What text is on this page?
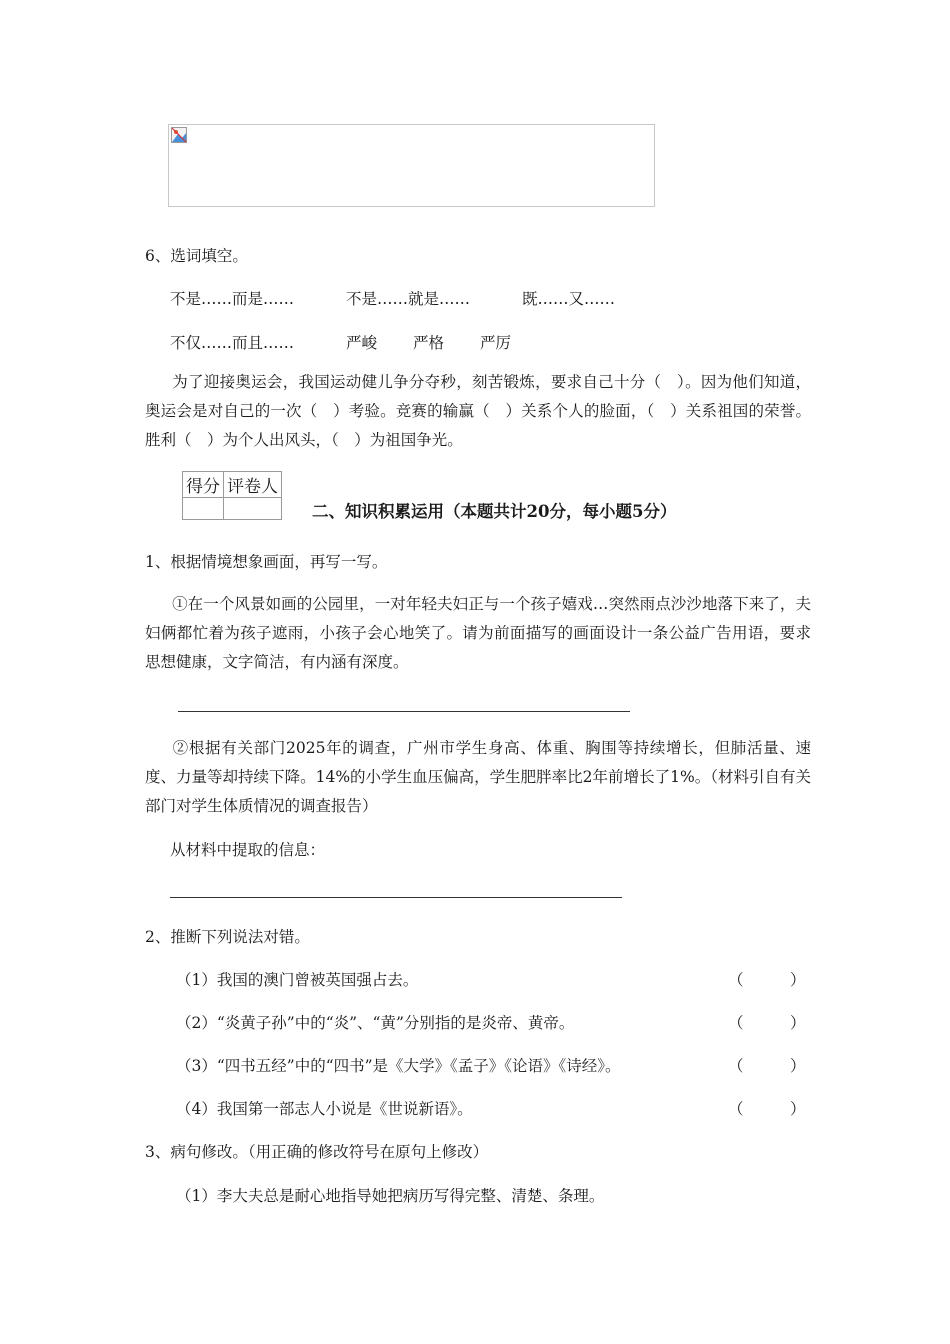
6、选词填空。
不是……而是……	不是……就是……	既……又……
不仅……而且……	严峻 严格 严厉
为了迎接奥运会，我国运动健儿争分夺秒，刻苦锻炼，要求自己十分（　）。因为他们知道，奥运会是对自己的一次（　）考验。竞赛的输赢（　）关系个人的脸面，（　）关系祖国的荣誉。胜利（　）为个人出风头，（　）为祖国争光。
得分	评卷人

二、知识积累运用（本题共计20分，每小题5分）
1、根据情境想象画面，再写一写。
①在一个风景如画的公园里，一对年轻夫妇正与一个孩子嬉戏…突然雨点沙沙地落下来了，夫妇俩都忙着为孩子遮雨，小孩子会心地笑了。请为前面描写的画面设计一条公益广告用语，要求思想健康，文字简洁，有内涵有深度。
②根据有关部门2025年的调查，广州市学生身高、体重、胸围等持续增长，但肺活量、速度、力量等却持续下降。14%的小学生血压偏高，学生肥胖率比2年前增长了1%。（材料引自有关部门对学生体质情况的调查报告）
从材料中提取的信息：
2、推断下列说法对错。
（1）我国的澳门曾被英国强占去。	（　　　）
（2）“炎黄子孙”中的“炎”、“黄”分别指的是炎帝、黄帝。	（　　　）
（3）“四书五经”中的“四书”是《大学》《孟子》《论语》《诗经》。	（　　　）
（4）我国第一部志人小说是《世说新语》。	（　　　）
3、病句修改。（用正确的修改符号在原句上修改）
（1）李大夫总是耐心地指导她把病历写得完整、清楚、条理。
